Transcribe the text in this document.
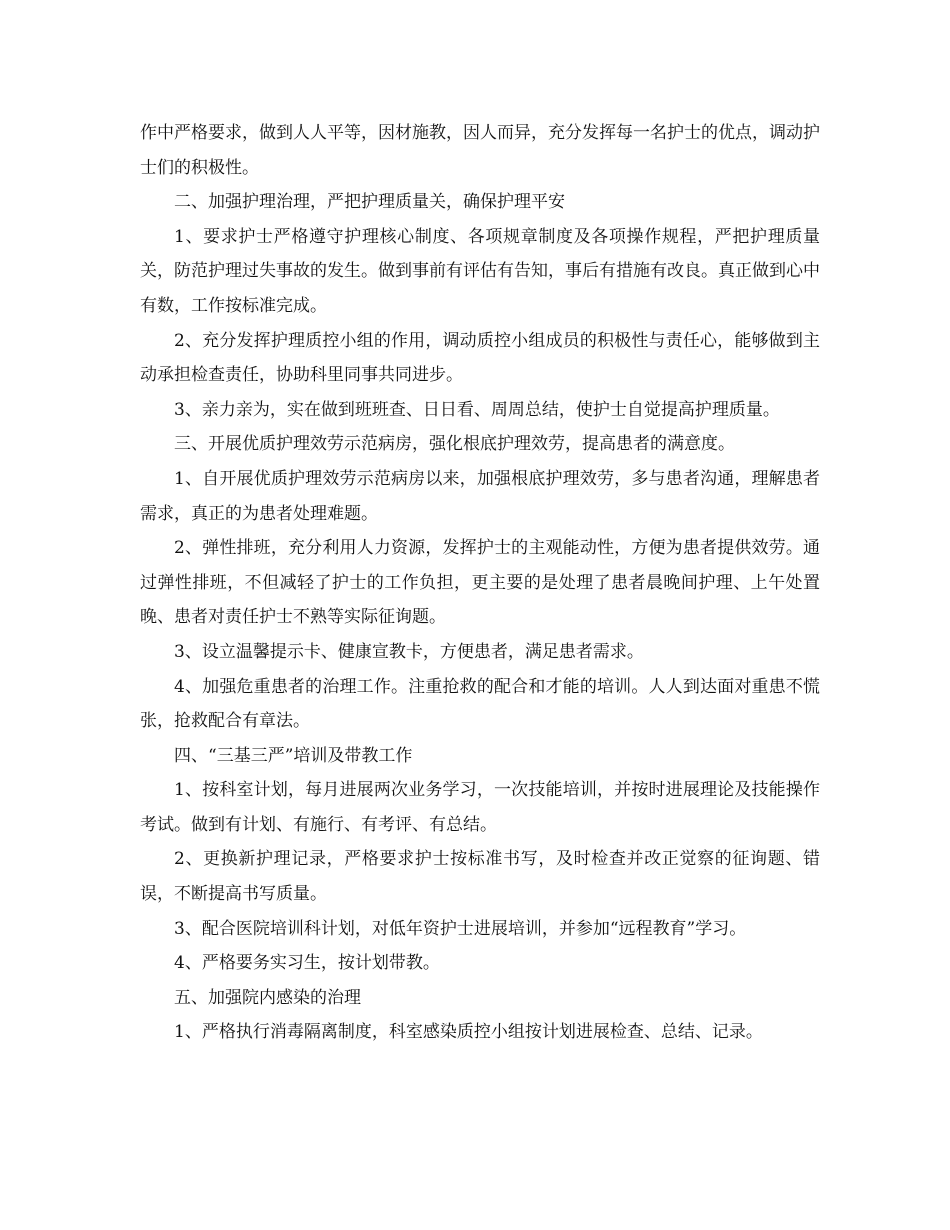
作中严格要求，做到人人平等，因材施教，因人而异，充分发挥每一名护士的优点，调动护士们的积极性。

二、加强护理治理，严把护理质量关，确保护理平安

1、要求护士严格遵守护理核心制度、各项规章制度及各项操作规程，严把护理质量关，防范护理过失事故的发生。做到事前有评估有告知，事后有措施有改良。真正做到心中有数，工作按标准完成。

2、充分发挥护理质控小组的作用，调动质控小组成员的积极性与责任心，能够做到主动承担检查责任，协助科里同事共同进步。

3、亲力亲为，实在做到班班查、日日看、周周总结，使护士自觉提高护理质量。

三、开展优质护理效劳示范病房，强化根底护理效劳，提高患者的满意度。

1、自开展优质护理效劳示范病房以来，加强根底护理效劳，多与患者沟通，理解患者需求，真正的为患者处理难题。

2、弹性排班，充分利用人力资源，发挥护士的主观能动性，方便为患者提供效劳。通过弹性排班，不但减轻了护士的工作负担，更主要的是处理了患者晨晚间护理、上午处置晚、患者对责任护士不熟等实际征询题。

3、设立温馨提示卡、健康宣教卡，方便患者，满足患者需求。

4、加强危重患者的治理工作。注重抢救的配合和才能的培训。人人到达面对重患不慌张，抢救配合有章法。

四、“三基三严”培训及带教工作

1、按科室计划，每月进展两次业务学习，一次技能培训，并按时进展理论及技能操作考试。做到有计划、有施行、有考评、有总结。

2、更换新护理记录，严格要求护士按标准书写，及时检查并改正觉察的征询题、错误，不断提高书写质量。

3、配合医院培训科计划，对低年资护士进展培训，并参加“远程教育”学习。

4、严格要务实习生，按计划带教。

五、加强院内感染的治理

1、严格执行消毒隔离制度，科室感染质控小组按计划进展检查、总结、记录。
